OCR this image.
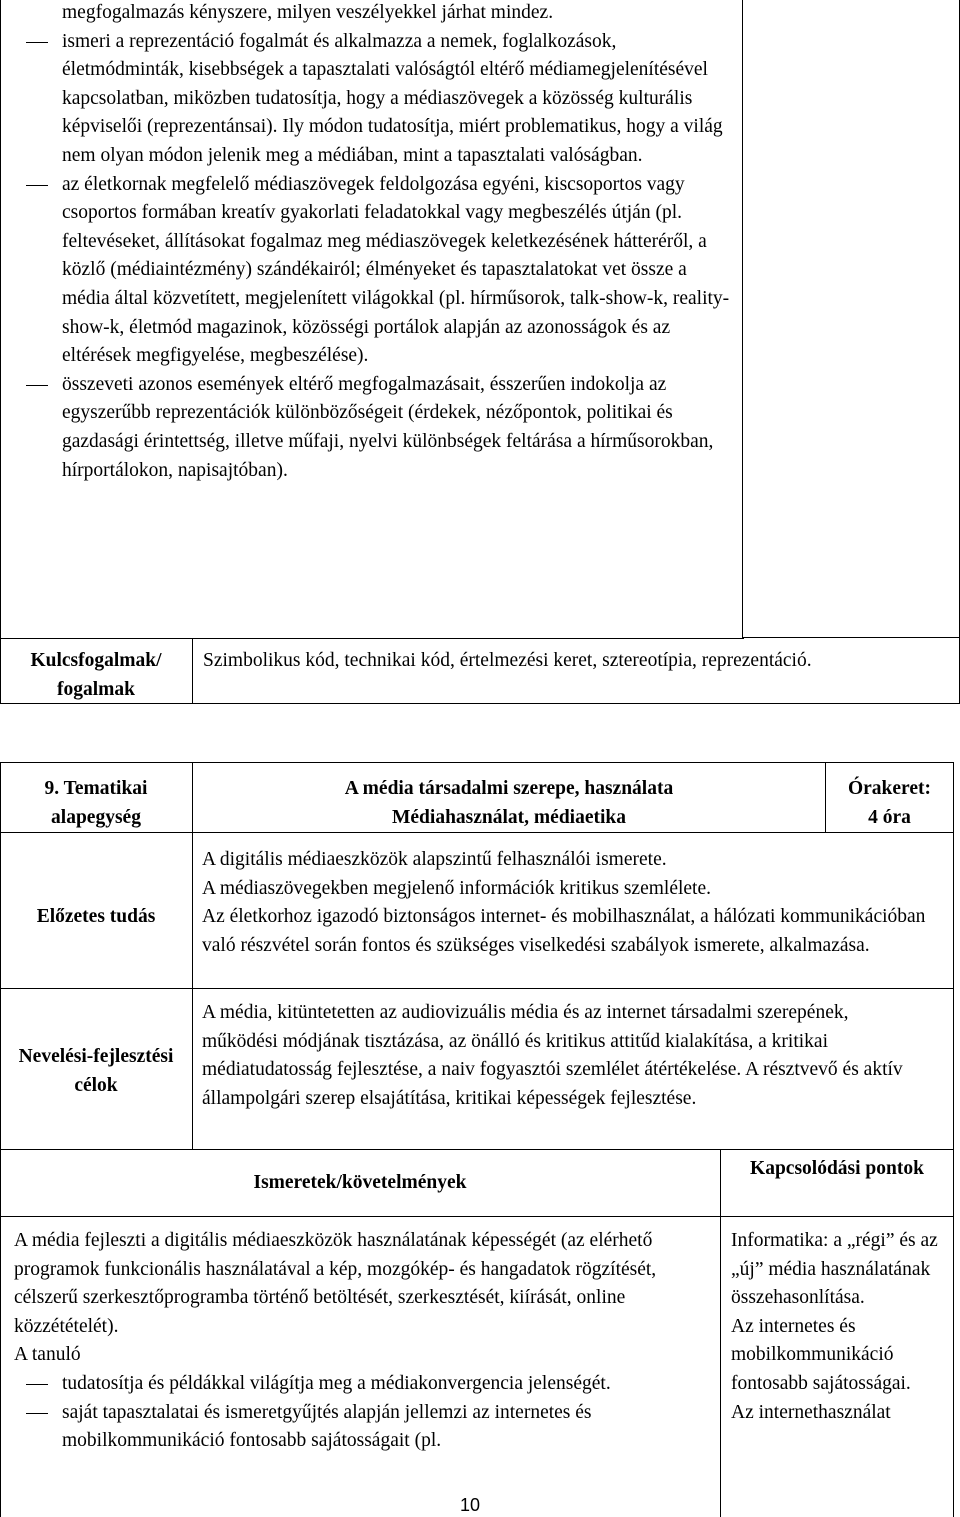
megfogalmazás kényszere, milyen veszélyekkel járhat mindez.

ismeri a reprezentáció fogalmát és alkalmazza a nemek, foglalkozások, életmódminták, kisebbségek a tapasztalati valóságtól eltérő médiamegjelenítésével kapcsolatban, miközben tudatosítja, hogy a médiaszövegek a közösség kulturális képviselői (reprezentánsai). Ily módon tudatosítja, miért problematikus, hogy a világ nem olyan módon jelenik meg a médiában, mint a tapasztalati valóságban.
az életkornak megfelelő médiaszövegek feldolgozása egyéni, kiscsoportos vagy csoportos formában kreatív gyakorlati feladatokkal vagy megbeszélés útján (pl. feltevéseket, állításokat fogalmaz meg médiaszövegek keletkezésének hátteréről, a közlő (médiaintézmény) szándékairól; élményeket és tapasztalatokat vet össze a média által közvetített, megjelenített világokkal (pl. hírműsorok, talk-show-k, reality-show-k, életmód magazinok, közösségi portálok alapján az azonosságok és az eltérések megfigyelése, megbeszélése).
összeveti azonos események eltérő megfogalmazásait, ésszerűen indokolja az egyszerűbb reprezentációk különbözőségeit (érdekek, nézőpontok, politikai és gazdasági érintettség, illetve műfaji, nyelvi különbségek feltárása a hírműsorokban, hírportálokon, napisajtóban).
Kulcsfogalmak/ fogalmak
Szimbolikus kód, technikai kód, értelmezési keret, sztereotípia, reprezentáció.
9. Tematikai
alapegység
A média társadalmi szerepe, használata
Médiahasználat, médiaetika
Órakeret:
4 óra
Előzetes tudás

A digitális médiaeszközök alapszintű felhasználói ismerete.

A médiaszövegekben megjelenő információk kritikus szemlélete.

Az életkorhoz igazodó biztonságos internet- és mobilhasználat, a hálózati kommunikációban való részvétel során fontos és szükséges viselkedési szabályok ismerete, alkalmazása.

Nevelési-fejlesztési célok
A média, kitüntetetten az audiovizuális média és az internet társadalmi szerepének, működési módjának tisztázása, az önálló és kritikus attitűd kialakítása, a kritikai médiatudatosság fejlesztése, a naiv fogyasztói szemlélet átértékelése. A résztvevő és aktív állampolgári szerep elsajátítása, kritikai képességek fejlesztése.
Ismeretek/követelmények
Kapcsolódási pontok

A média fejleszti a digitális médiaeszközök használatának képességét (az elérhető programok funkcionális használatával a kép, mozgókép- és hangadatok rögzítését, célszerű szerkesztőprogramba történő betöltését, szerkesztését, kiírását, online közzétételét).

A tanuló

tudatosítja és példákkal világítja meg a médiakonvergencia jelenségét.
saját tapasztalatai és ismeretgyűjtés alapján jellemzi az internetes és mobilkommunikáció fontosabb sajátosságait (pl.

Informatika: a „régi” és az „új” média használatának összehasonlítása.

Az internetes és mobilkommunikáció fontosabb sajátosságai.

Az internethasználat

10
